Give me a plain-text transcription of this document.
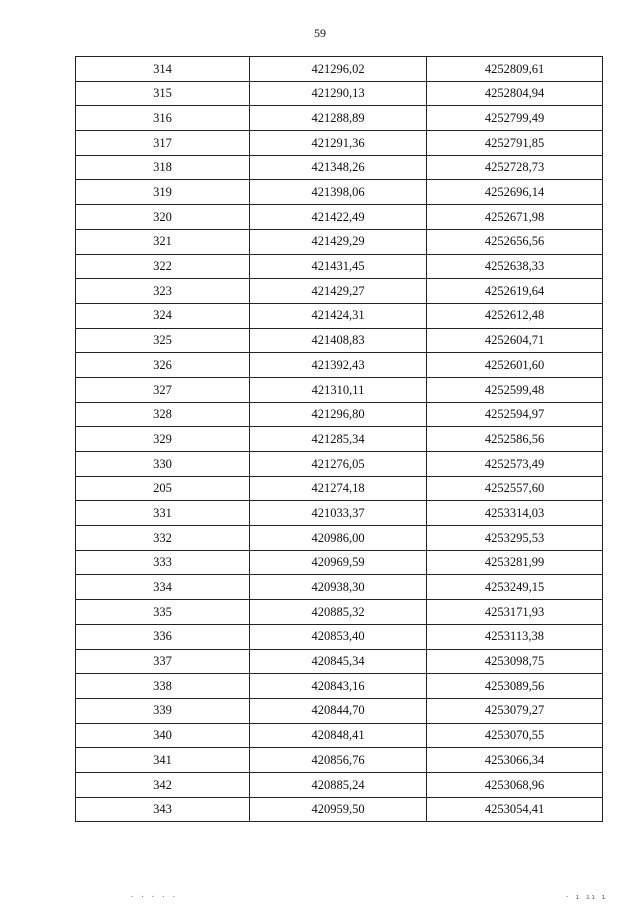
59
314	421296,02	4252809,61
315	421290,13	4252804,94
316	421288,89	4252799,49
317	421291,36	4252791,85
318	421348,26	4252728,73
319	421398,06	4252696,14
320	421422,49	4252671,98
321	421429,29	4252656,56
322	421431,45	4252638,33
323	421429,27	4252619,64
324	421424,31	4252612,48
325	421408,83	4252604,71
326	421392,43	4252601,60
327	421310,11	4252599,48
328	421296,80	4252594,97
329	421285,34	4252586,56
330	421276,05	4252573,49
205	421274,18	4252557,60
331	421033,37	4253314,03
332	420986,00	4253295,53
333	420969,59	4253281,99
334	420938,30	4253249,15
335	420885,32	4253171,93
336	420853,40	4253113,38
337	420845,34	4253098,75
338	420843,16	4253089,56
339	420844,70	4253079,27
340	420848,41	4253070,55
341	420856,76	4253066,34
342	420885,24	4253068,96
343	420959,50	4253054,41
· · · · ·	· ı ıı ı
